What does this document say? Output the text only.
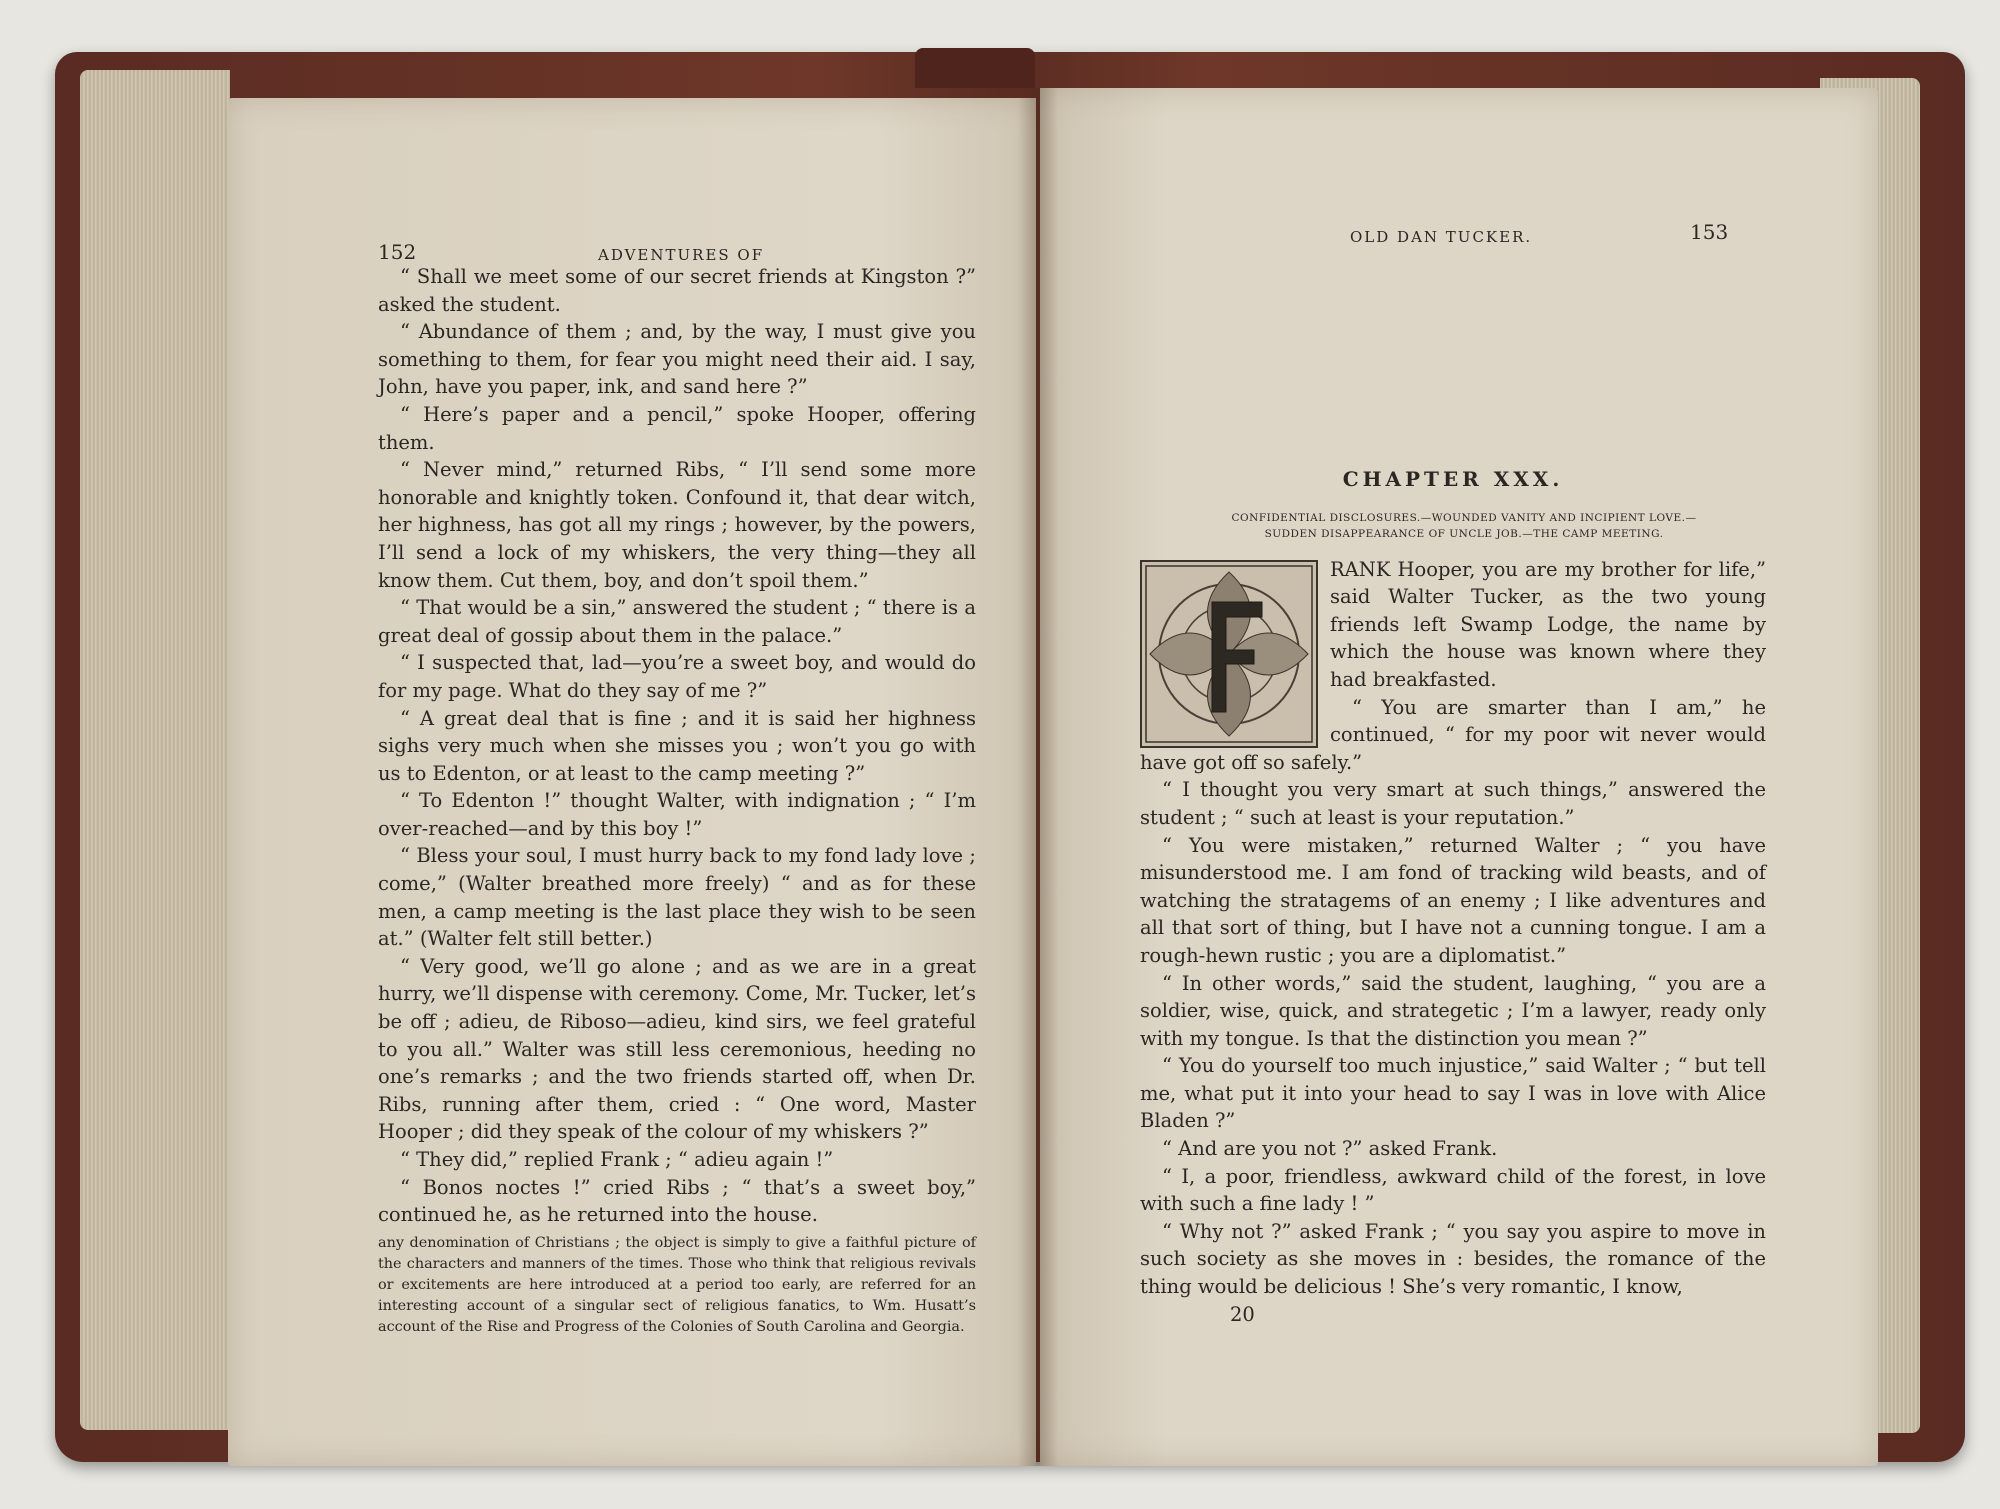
152	ADVENTURES OF

“ Shall we meet some of our secret friends at Kingston ?” asked the student.

“ Abundance of them ; and, by the way, I must give you something to them, for fear you might need their aid. I say, John, have you paper, ink, and sand here ?”

“ Here’s paper and a pencil,” spoke Hooper, offering them.

“ Never mind,” returned Ribs, “ I’ll send some more honorable and knightly token. Confound it, that dear witch, her highness, has got all my rings ; however, by the powers, I’ll send a lock of my whiskers, the very thing—they all know them. Cut them, boy, and don’t spoil them.”

“ That would be a sin,” answered the student ; “ there is a great deal of gossip about them in the palace.”

“ I suspected that, lad—you’re a sweet boy, and would do for my page. What do they say of me ?”

“ A great deal that is fine ; and it is said her highness sighs very much when she misses you ; won’t you go with us to Edenton, or at least to the camp meeting ?”

“ To Edenton !” thought Walter, with indignation ; “ I’m over-reached—and by this boy !”

“ Bless your soul, I must hurry back to my fond lady love ; come,” (Walter breathed more freely) “ and as for these men, a camp meeting is the last place they wish to be seen at.” (Walter felt still better.)

“ Very good, we’ll go alone ; and as we are in a great hurry, we’ll dispense with ceremony. Come, Mr. Tucker, let’s be off ; adieu, de Riboso—adieu, kind sirs, we feel grateful to you all.” Walter was still less ceremonious, heeding no one’s remarks ; and the two friends started off, when Dr. Ribs, running after them, cried : “ One word, Master Hooper ; did they speak of the colour of my whiskers ?”

“ They did,” replied Frank ; “ adieu again !”

“ Bonos noctes !” cried Ribs ; “ that’s a sweet boy,” continued he, as he returned into the house.

any denomination of Christians ; the object is simply to give a faithful picture of the characters and manners of the times. Those who think that religious revivals or excitements are here introduced at a period too early, are referred for an interesting account of a singular sect of religious fanatics, to Wm. Husatt’s account of the Rise and Progress of the Colonies of South Carolina and Georgia.

OLD DAN TUCKER.	153
CHAPTER XXX.

CONFIDENTIAL DISCLOSURES.—WOUNDED VANITY AND INCIPIENT LOVE.—

SUDDEN DISAPPEARANCE OF UNCLE JOB.—THE CAMP MEETING.

RANK Hooper, you are my brother for life,” said Walter Tucker, as the two young friends left Swamp Lodge, the name by which the house was known where they had breakfasted.

“ You are smarter than I am,” he continued, “ for my poor wit never would have got off so safely.”

“ I thought you very smart at such things,” answered the student ; “ such at least is your reputation.”

“ You were mistaken,” returned Walter ; “ you have misunderstood me. I am fond of tracking wild beasts, and of watching the stratagems of an enemy ; I like adventures and all that sort of thing, but I have not a cunning tongue. I am a rough-hewn rustic ; you are a diplomatist.”

“ In other words,” said the student, laughing, “ you are a soldier, wise, quick, and strategetic ; I’m a lawyer, ready only with my tongue. Is that the distinction you mean ?”

“ You do yourself too much injustice,” said Walter ; “ but tell me, what put it into your head to say I was in love with Alice Bladen ?”

“ And are you not ?” asked Frank.

“ I, a poor, friendless, awkward child of the forest, in love with such a fine lady ! ”

“ Why not ?” asked Frank ; “ you say you aspire to move in such society as she moves in : besides, the romance of the thing would be delicious ! She’s very romantic, I know,

20
